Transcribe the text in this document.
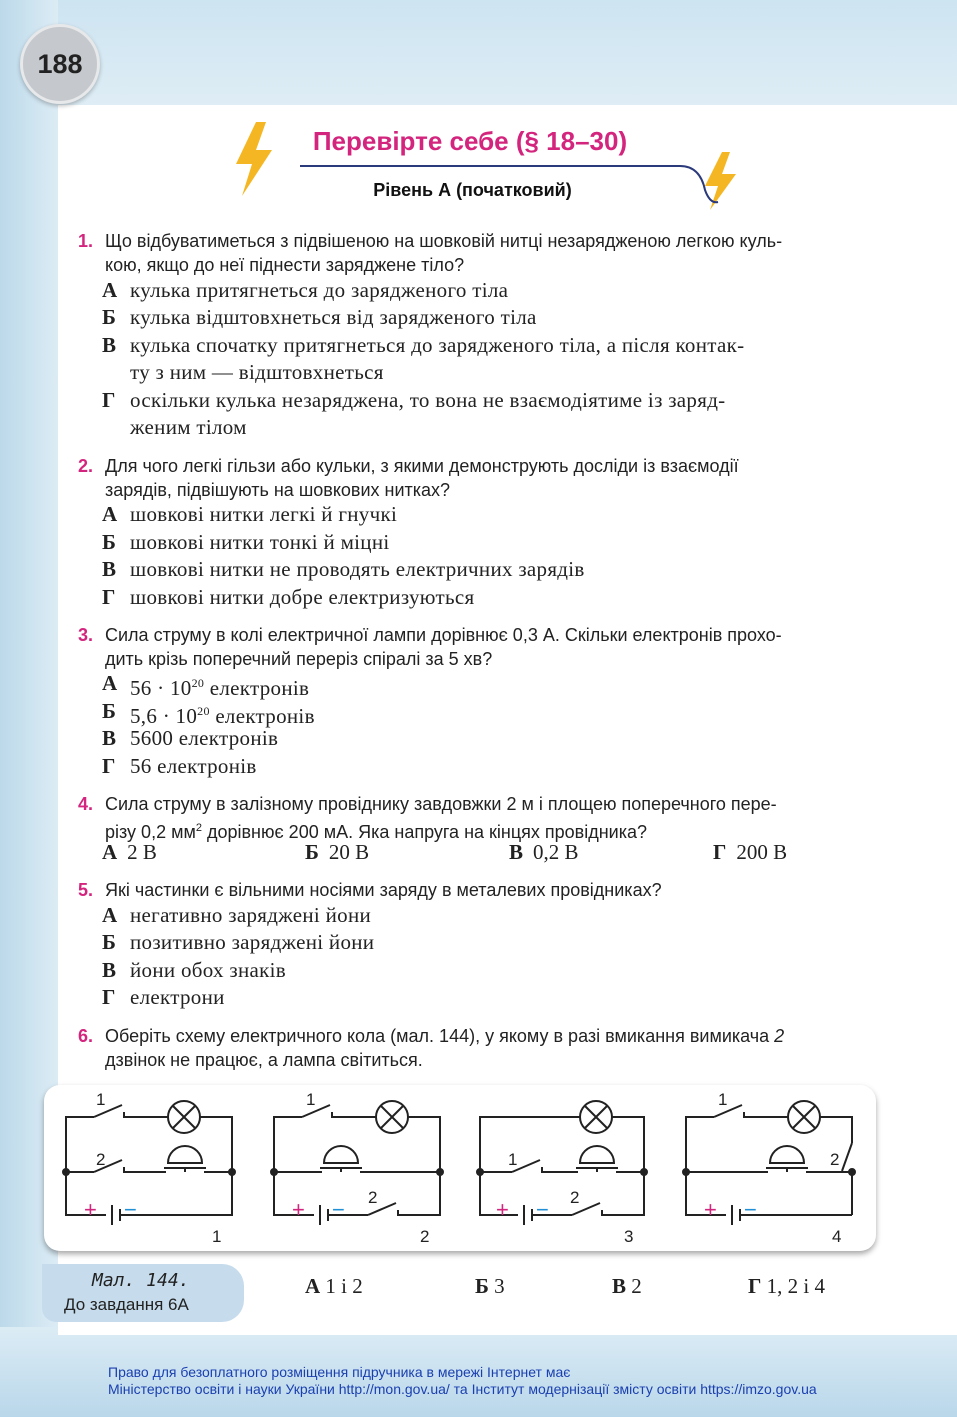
188
Перевірте себе (§ 18–30)
Рівень А (початковий)
1. Що відбуватиметься з підвішеною на шовковій нитці незарядженою легкою куль-
кою, якщо до неї піднести заряджене тіло?
А кулька притягнеться до зарядженого тіла
Б кулька відштовхнеться від зарядженого тіла
В кулька спочатку притягнеться до зарядженого тіла, а після контак-
ту з ним — відштовхнеться
Г оскільки кулька незаряджена, то вона не взаємодіятиме із заряд-
женим тілом
2. Для чого легкі гільзи або кульки, з якими демонструють досліди із взаємодії
зарядів, підвішують на шовкових нитках?
А шовкові нитки легкі й гнучкі
Б шовкові нитки тонкі й міцні
В шовкові нитки не проводять електричних зарядів
Г шовкові нитки добре електризуються
3. Сила струму в колі електричної лампи дорівнює 0,3 А. Скільки електронів прохо-
дить крізь поперечний переріз спіралі за 5 хв?
А $56 \cdot 10^{20}$ електронів
Б $5,6 \cdot 10^{20}$ електронів
В 5600 електронів
Г 56 електронів
4. Сила струму в залізному провіднику завдовжки 2 м і площею поперечного пере-
різу 0,2 $мм^2$ дорівнює 200 мА. Яка напруга на кінцях провідника?
А 2 В	Б 20 В	В 0,2 В	Г 200 В
5. Які частинки є вільними носіями заряду в металевих провідниках?
А негативно заряджені йони
Б позитивно заряджені йони
В йони обох знаків
Г електрони
6. Оберіть схему електричного кола (мал. 144), у якому в разі вмикання вимикача 2
дзвінок не працює, а лампа світиться.
1
2
1
+ −
1
2
2
+ −
1
2
3
+ −
1
2
4
+ −
Мал. 144.
До завдання 6А
А 1 і 2	Б 3	В 2	Г 1, 2 і 4
Право для безоплатного розміщення підручника в мережі Інтернет має
Міністерство освіти і науки України http://mon.gov.ua/ та Інститут модернізації змісту освіти https://imzo.gov.ua
